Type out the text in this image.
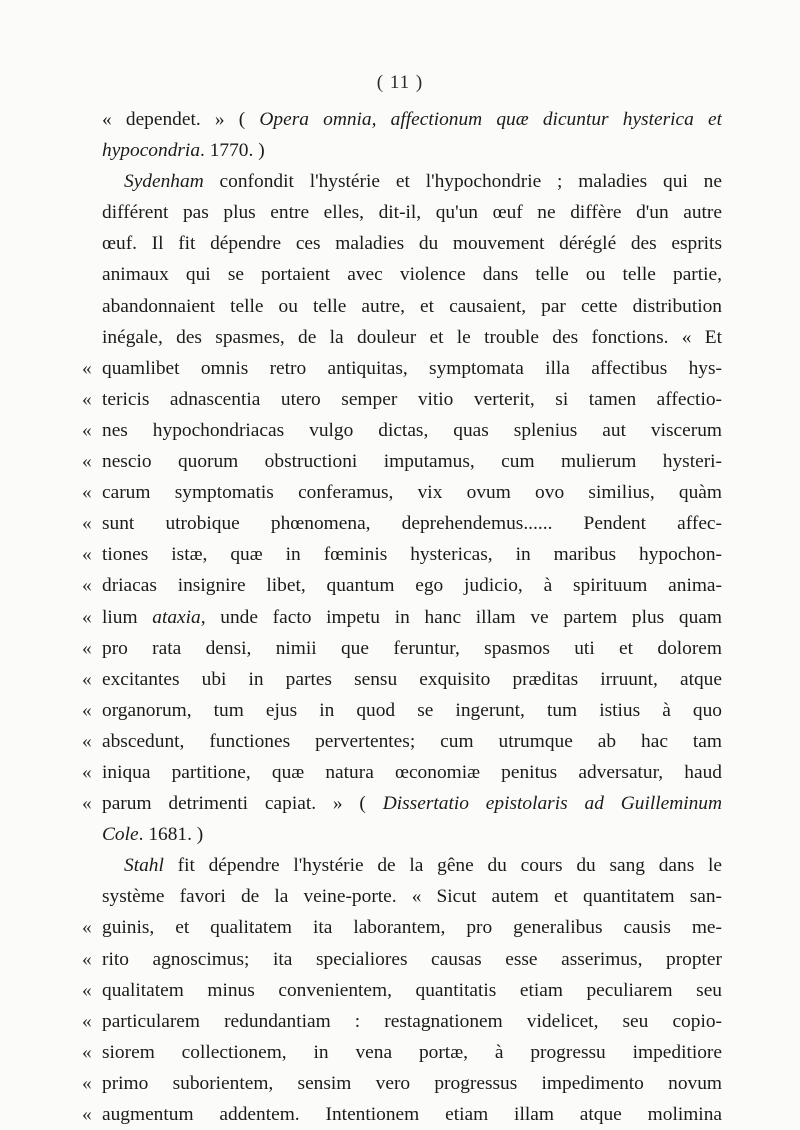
( 11 )
« dependet. » ( Opera omnia, affectionum quæ dicuntur hysterica et
hypocondria. 1770. )
Sydenham confondit l'hystérie et l'hypochondrie ; maladies qui ne
différent pas plus entre elles, dit-il, qu'un œuf ne diffère d'un autre
œuf. Il fit dépendre ces maladies du mouvement déréglé des esprits
animaux qui se portaient avec violence dans telle ou telle partie,
abandonnaient telle ou telle autre, et causaient, par cette distribution
inégale, des spasmes, de la douleur et le trouble des fonctions. « Et
« quamlibet omnis retro antiquitas, symptomata illa affectibus hys-
« tericis adnascentia utero semper vitio verterit, si tamen affectio-
« nes hypochondriacas vulgo dictas, quas splenius aut viscerum
« nescio quorum obstructioni imputamus, cum mulierum hysteri-
« carum symptomatis conferamus, vix ovum ovo similius, quàm
« sunt utrobique phœnomena, deprehendemus...... Pendent affec-
« tiones istæ, quæ in fœminis hystericas, in maribus hypochon-
« driacas insignire libet, quantum ego judicio, à spirituum anima-
« lium ataxia, unde facto impetu in hanc illam ve partem plus quam
« pro rata densi, nimii que feruntur, spasmos uti et dolorem
« excitantes ubi in partes sensu exquisito præditas irruunt, atque
« organorum, tum ejus in quod se ingerunt, tum istius à quo
« abscedunt, functiones pervertentes; cum utrumque ab hac tam
« iniqua partitione, quæ natura œconomiæ penitus adversatur, haud
« parum detrimenti capiat. » ( Dissertatio epistolaris ad Guilleminum
Cole. 1681. )
Stahl fit dépendre l'hystérie de la gêne du cours du sang dans le
système favori de la veine-porte. « Sicut autem et quantitatem san-
« guinis, et qualitatem ita laborantem, pro generalibus causis me-
« rito agnoscimus; ita specialiores causas esse asserimus, propter
« qualitatem minus convenientem, quantitatis etiam peculiarem seu
« particularem redundantiam : restagnationem videlicet, seu copio-
« siorem collectionem, in vena portæ, à progressu impeditiore
« primo suborientem, sensim vero progressus impedimento novum
« augmentum addentem. Intentionem etiam illam atque molimina
